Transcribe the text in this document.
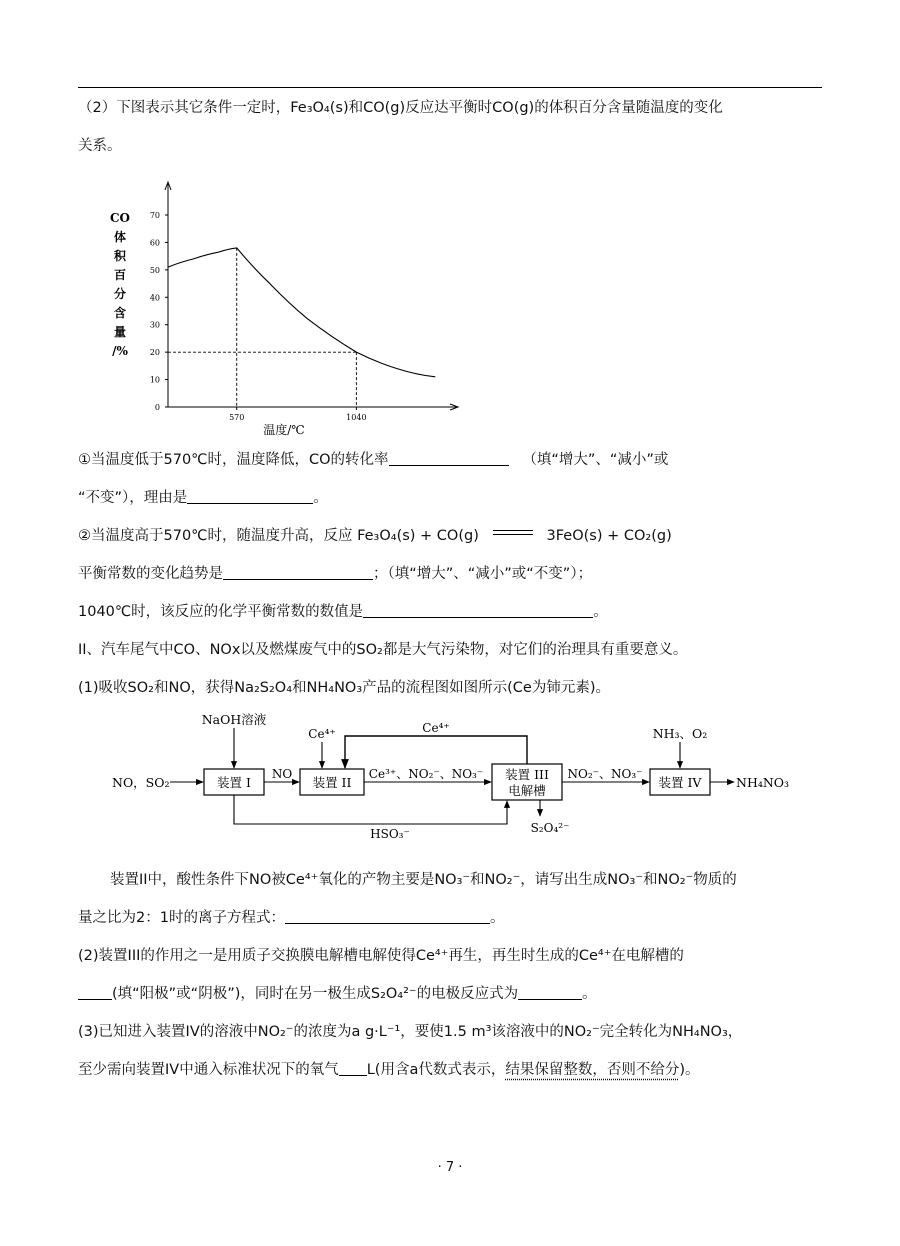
（2）下图表示其它条件一定时，Fe₃O₄(s)和CO(g)反应达平衡时CO(g)的体积百分含量随温度的变化
关系。
CO
体
积
百
分
含
量
/%
0
10
20
30
40
50
60
70
570	1040
温度/℃
①当温度低于570℃时，温度降低，CO的转化率	（填“增大”、“减小”或
“不变”），理由是	。
②当温度高于570℃时，随温度升高，反应 Fe₃O₄(s) + CO(g)	3FeO(s) + CO₂(g)
平衡常数的变化趋势是	；（填“增大”、“减小”或“不变”）；
1040℃时，该反应的化学平衡常数的数值是	。
II、汽车尾气中CO、NOx以及燃煤废气中的SO₂都是大气污染物，对它们的治理具有重要意义。
(1)吸收SO₂和NO，获得Na₂S₂O₄和NH₄NO₃产品的流程图如图所示(Ce为铈元素)。
NaOH溶液
Ce⁴⁺	Ce⁴⁺	NH₃、O₂
NO，SO₂	装置 I
NO
装置 II
Ce³⁺、NO₂⁻、NO₃⁻ 装置 III
电解槽
NO₂⁻、NO₃⁻
装置 IV	NH₄NO₃
HSO₃⁻	S₂O₄²⁻
装置II中，酸性条件下NO被Ce⁴⁺氧化的产物主要是NO₃⁻和NO₂⁻，请写出生成NO₃⁻和NO₂⁻物质的
量之比为2：1时的离子方程式：	。
(2)装置III的作用之一是用质子交换膜电解槽电解使得Ce⁴⁺再生，再生时生成的Ce⁴⁺在电解槽的
(填“阳极”或“阴极”)，同时在另一极生成S₂O₄²⁻的电极反应式为	。
(3)已知进入装置IV的溶液中NO₂⁻的浓度为a g·L⁻¹，要使1.5 m³该溶液中的NO₂⁻完全转化为NH₄NO₃，
至少需向装置IV中通入标准状况下的氧气 L(用含a代数式表示，结果保留整数，否则不给分)。
· 7 ·
